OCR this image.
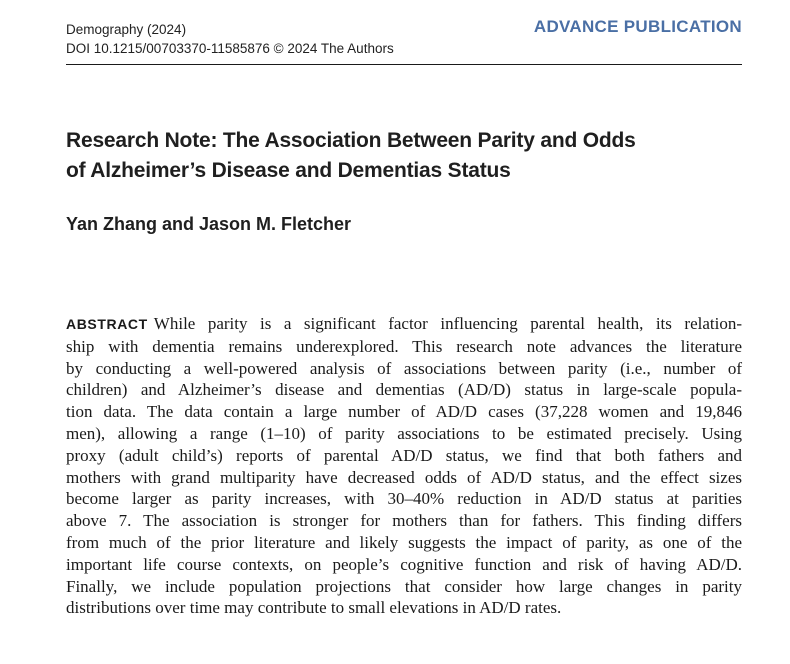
Demography (2024)
DOI 10.1215/00703370-11585876 © 2024 The Authors
ADVANCE PUBLICATION
Research Note: The Association Between Parity and Odds
of Alzheimer’s Disease and Dementias Status
Yan Zhang and Jason M. Fletcher
ABSTRACT While parity is a significant factor influencing parental health, its relation-
ship with dementia remains underexplored. This research note advances the literature
by conducting a well-powered analysis of associations between parity (i.e., number of
children) and Alzheimer’s disease and dementias (AD/D) status in large-scale popula-
tion data. The data contain a large number of AD/D cases (37,228 women and 19,846
men), allowing a range (1–10) of parity associations to be estimated precisely. Using
proxy (adult child’s) reports of parental AD/D status, we find that both fathers and
mothers with grand multiparity have decreased odds of AD/D status, and the effect sizes
become larger as parity increases, with 30–40% reduction in AD/D status at parities
above 7. The association is stronger for mothers than for fathers. This finding differs
from much of the prior literature and likely suggests the impact of parity, as one of the
important life course contexts, on people’s cognitive function and risk of having AD/D.
Finally, we include population projections that consider how large changes in parity
distributions over time may contribute to small elevations in AD/D rates.
